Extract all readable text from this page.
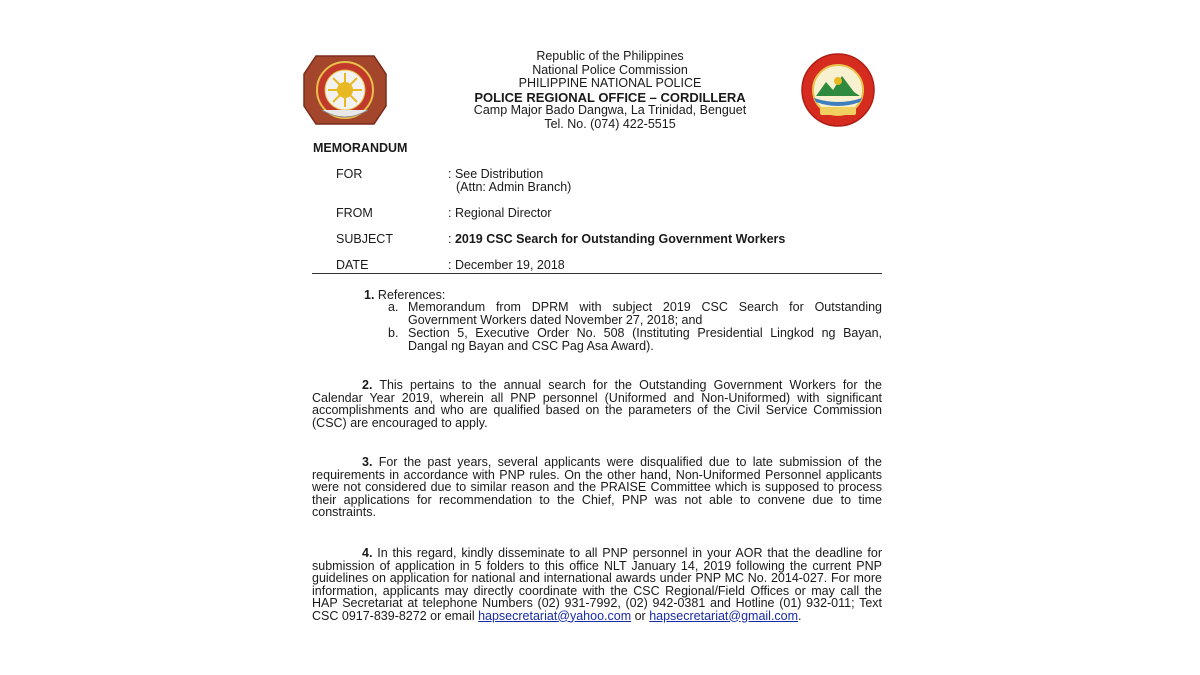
Republic of the Philippines
National Police Commission
PHILIPPINE NATIONAL POLICE
POLICE REGIONAL OFFICE – CORDILLERA
Camp Major Bado Dangwa, La Trinidad, Benguet
Tel. No. (074) 422-5515
MEMORANDUM
FOR	: See Distribution
(Attn: Admin Branch)
FROM	: Regional Director
SUBJECT	: 2019 CSC Search for Outstanding Government Workers
DATE	: December 19, 2018
1. References:
a. Memorandum from DPRM with subject 2019 CSC Search for Outstanding Government Workers dated November 27, 2018; and
b. Section 5, Executive Order No. 508 (Instituting Presidential Lingkod ng Bayan, Dangal ng Bayan and CSC Pag Asa Award).
2. This pertains to the annual search for the Outstanding Government Workers for the Calendar Year 2019, wherein all PNP personnel (Uniformed and Non-Uniformed) with significant accomplishments and who are qualified based on the parameters of the Civil Service Commission (CSC) are encouraged to apply.
3. For the past years, several applicants were disqualified due to late submission of the requirements in accordance with PNP rules. On the other hand, Non-Uniformed Personnel applicants were not considered due to similar reason and the PRAISE Committee which is supposed to process their applications for recommendation to the Chief, PNP was not able to convene due to time constraints.
4. In this regard, kindly disseminate to all PNP personnel in your AOR that the deadline for submission of application in 5 folders to this office NLT January 14, 2019 following the current PNP guidelines on application for national and international awards under PNP MC No. 2014-027. For more information, applicants may directly coordinate with the CSC Regional/Field Offices or may call the HAP Secretariat at telephone Numbers (02) 931-7992, (02) 942-0381 and Hotline (01) 932-011; Text CSC 0917-839-8272 or email hapsecretariat@yahoo.com or hapsecretariat@gmail.com.
